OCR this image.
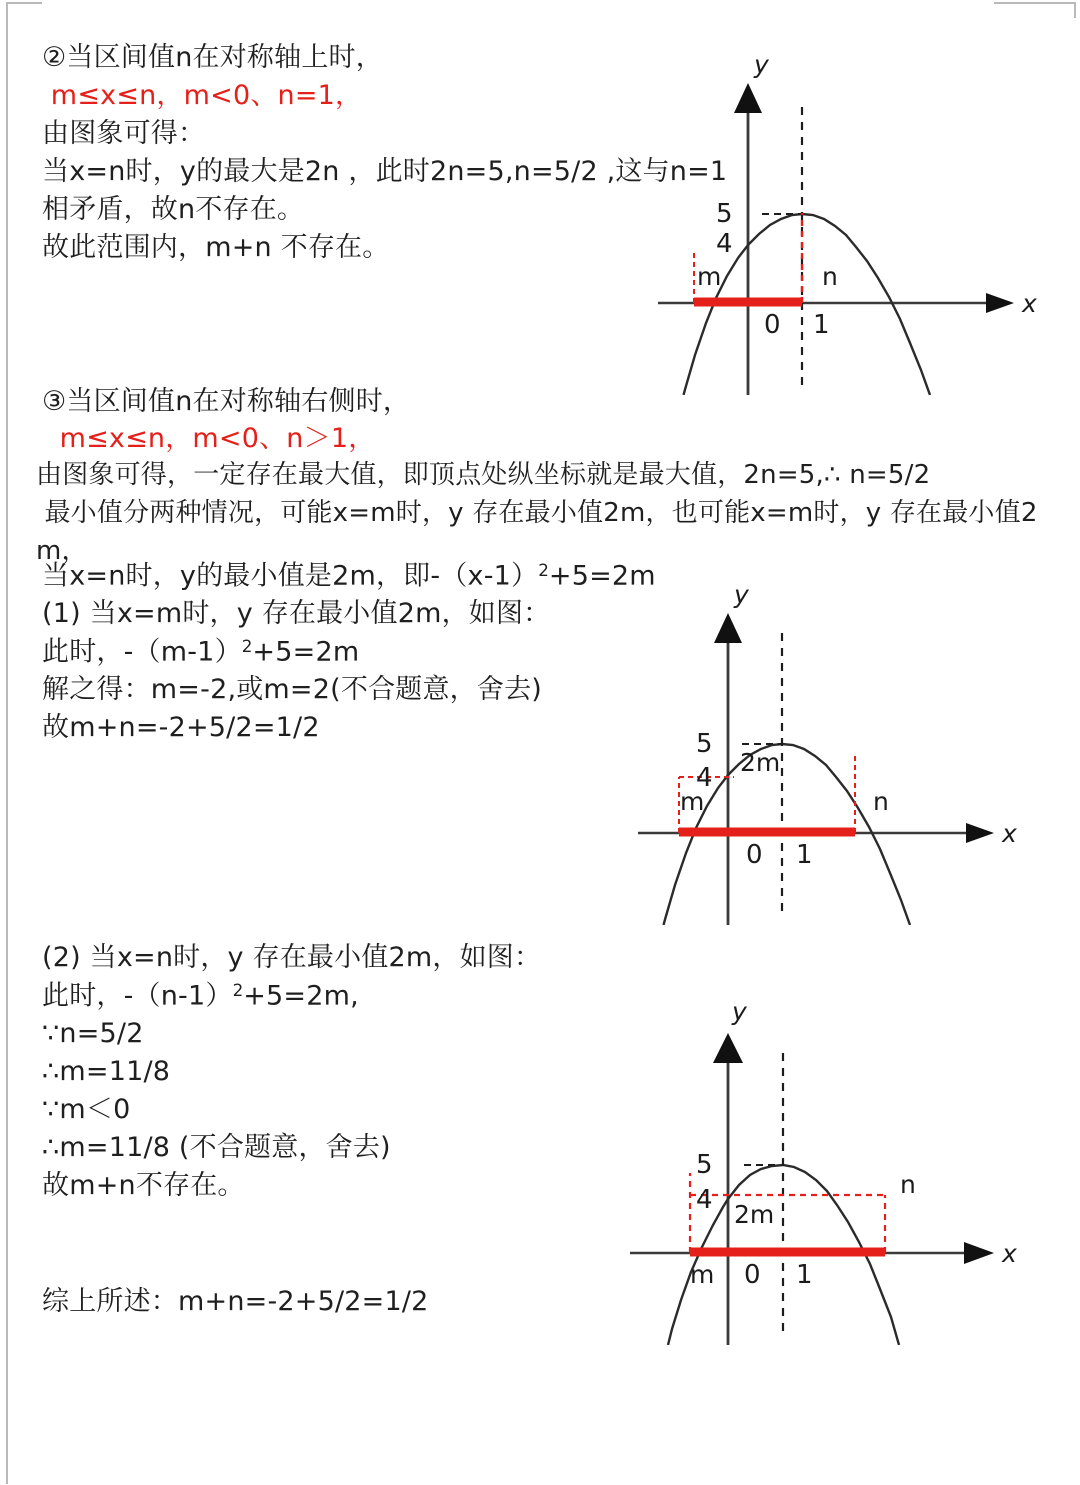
②当区间值n在对称轴上时，
m≤x≤n，m<0、n=1，
由图象可得：
当x=n时，y的最大是2n ，此时2n=5,n=5/2 ,这与n=1
相矛盾，故n不存在。
故此范围内，m+n 不存在。
y
x
5
4
0 1
m	n
③当区间值n在对称轴右侧时，
m≤x≤n，m<0、n＞1，
由图象可得，一定存在最大值，即顶点处纵坐标就是最大值，2n=5,∴ n=5/2
最小值分两种情况，可能x=m时，y 存在最小值2m，也可能x=m时，y 存在最小值2
m，
当x=n时，y的最小值是2m，即$-(x-1)^2+5=2m$
(1) 当x=m时，y 存在最小值2m，如图：
此时，$-(m-1)^2+5=2m$
解之得：m=-2,或m=2(不合题意，舍去)
故m+n=-2+5/2=1/2
y
x
5
4
0 1
m	n
2m
(2) 当x=n时，y 存在最小值2m，如图：
此时，$-(n-1)^2+5=2m$,
∵n=5/2
∴m=11/8
∵m＜0
∴m=11/8 (不合题意，舍去)
故m+n不存在。
y
x
5
4
0 1
m
n
2m
综上所述：m+n=-2+5/2=1/2
